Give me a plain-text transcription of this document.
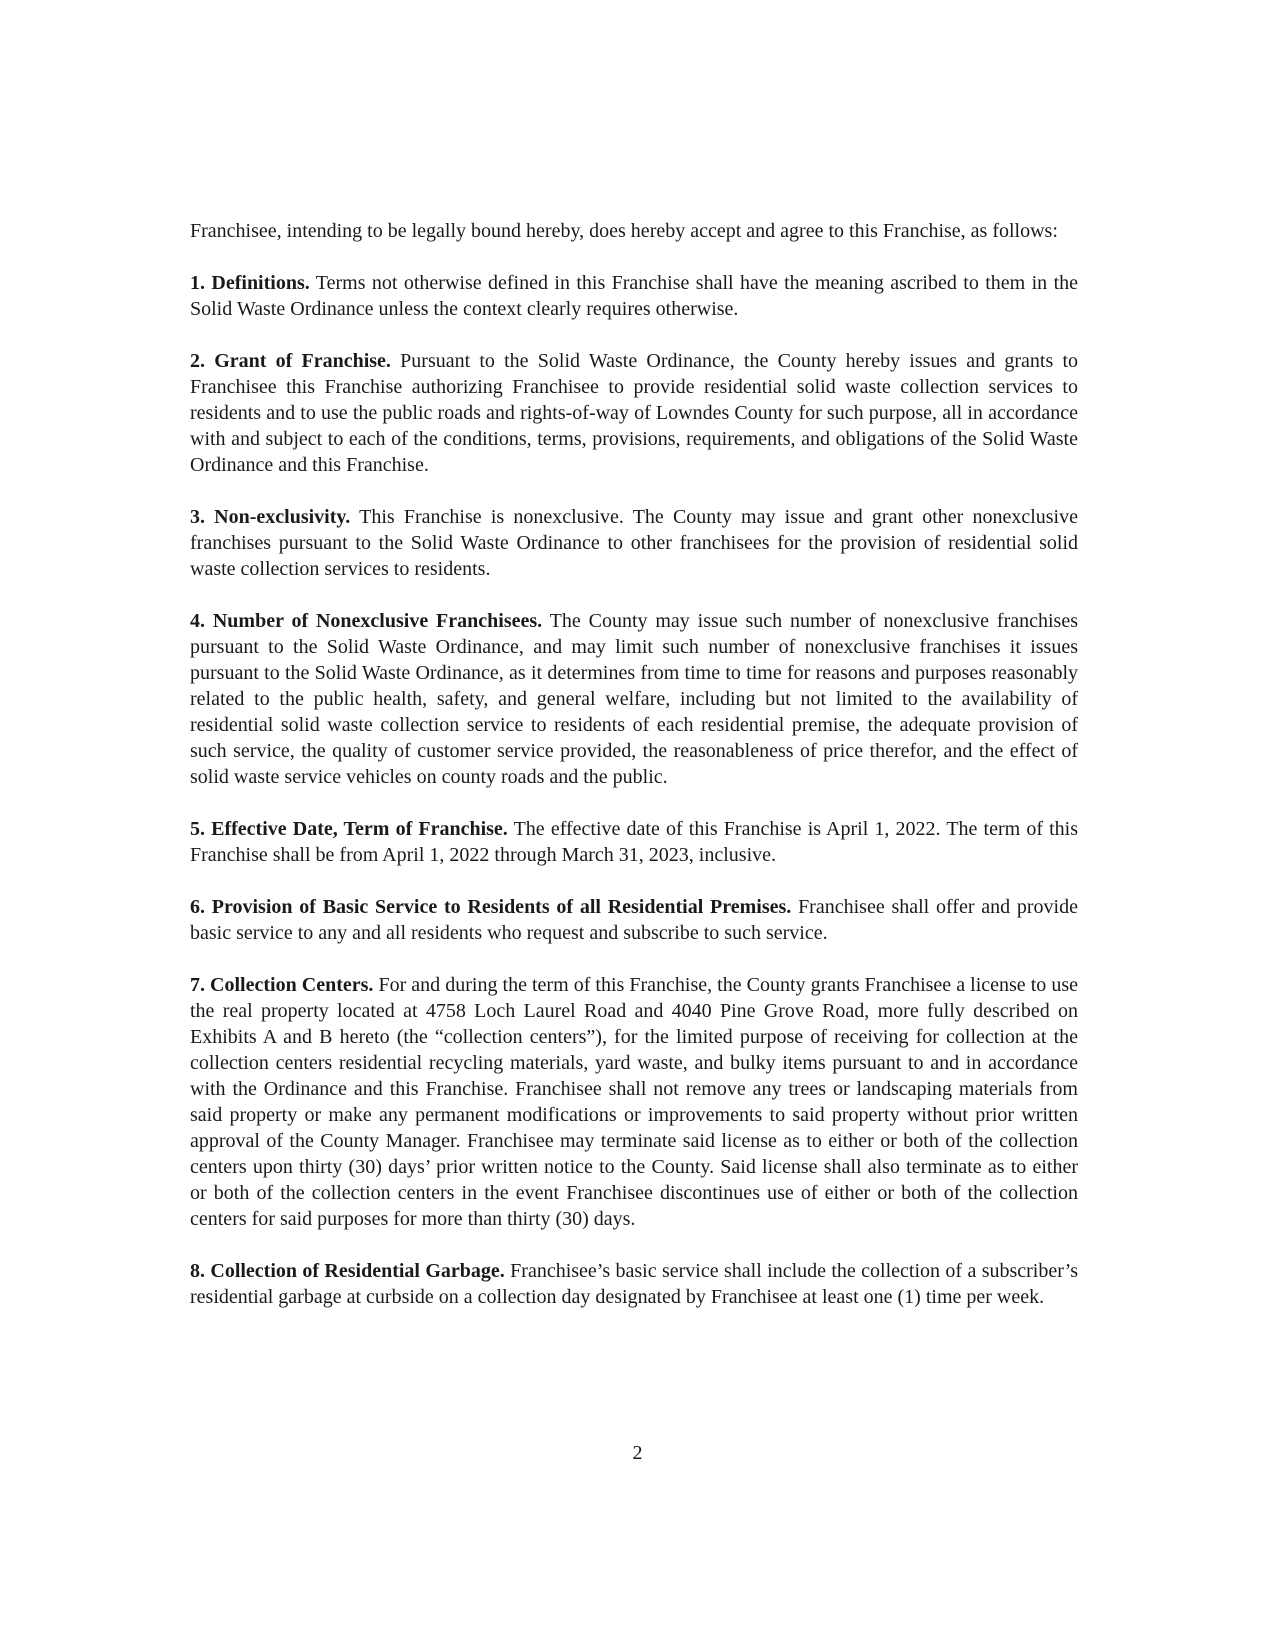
Franchisee, intending to be legally bound hereby, does hereby accept and agree to this Franchise, as follows:

1. Definitions. Terms not otherwise defined in this Franchise shall have the meaning ascribed to them in the Solid Waste Ordinance unless the context clearly requires otherwise.

2. Grant of Franchise. Pursuant to the Solid Waste Ordinance, the County hereby issues and grants to Franchisee this Franchise authorizing Franchisee to provide residential solid waste collection services to residents and to use the public roads and rights-of-way of Lowndes County for such purpose, all in accordance with and subject to each of the conditions, terms, provisions, requirements, and obligations of the Solid Waste Ordinance and this Franchise.

3. Non-exclusivity. This Franchise is nonexclusive. The County may issue and grant other nonexclusive franchises pursuant to the Solid Waste Ordinance to other franchisees for the provision of residential solid waste collection services to residents.

4. Number of Nonexclusive Franchisees. The County may issue such number of nonexclusive franchises pursuant to the Solid Waste Ordinance, and may limit such number of nonexclusive franchises it issues pursuant to the Solid Waste Ordinance, as it determines from time to time for reasons and purposes reasonably related to the public health, safety, and general welfare, including but not limited to the availability of residential solid waste collection service to residents of each residential premise, the adequate provision of such service, the quality of customer service provided, the reasonableness of price therefor, and the effect of solid waste service vehicles on county roads and the public.

5. Effective Date, Term of Franchise. The effective date of this Franchise is April 1, 2022. The term of this Franchise shall be from April 1, 2022 through March 31, 2023, inclusive.

6. Provision of Basic Service to Residents of all Residential Premises. Franchisee shall offer and provide basic service to any and all residents who request and subscribe to such service.

7. Collection Centers. For and during the term of this Franchise, the County grants Franchisee a license to use the real property located at 4758 Loch Laurel Road and 4040 Pine Grove Road, more fully described on Exhibits A and B hereto (the “collection centers”), for the limited purpose of receiving for collection at the collection centers residential recycling materials, yard waste, and bulky items pursuant to and in accordance with the Ordinance and this Franchise. Franchisee shall not remove any trees or landscaping materials from said property or make any permanent modifications or improvements to said property without prior written approval of the County Manager. Franchisee may terminate said license as to either or both of the collection centers upon thirty (30) days’ prior written notice to the County. Said license shall also terminate as to either or both of the collection centers in the event Franchisee discontinues use of either or both of the collection centers for said purposes for more than thirty (30) days.

8. Collection of Residential Garbage. Franchisee’s basic service shall include the collection of a subscriber’s residential garbage at curbside on a collection day designated by Franchisee at least one (1) time per week.

2
